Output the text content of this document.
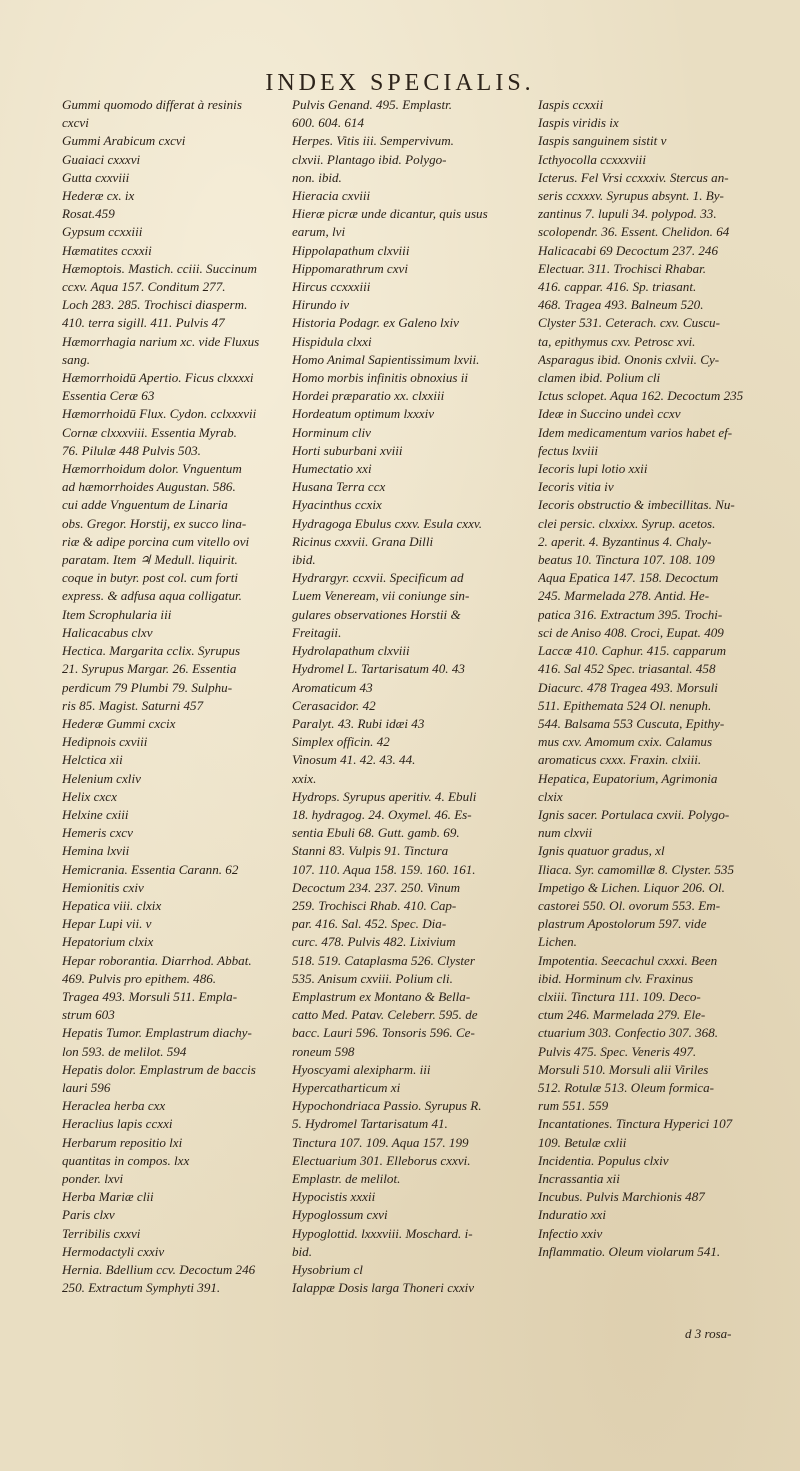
INDEX SPECIALIS.
Gummi quomodo differat à resinis
cxcvi
Gummi Arabicum cxcvi
Guaiaci cxxxvi
Gutta cxxviii
Hederæ cx. ix
Rosat.459
Gypsum ccxxiii
Hæmatites ccxxii
Hæmoptois. Mastich. cciii. Succinum
ccxv. Aqua 157. Conditum 277.
Loch 283. 285. Trochisci diasperm.
410. terra sigill. 411. Pulvis 47
Hæmorrhagia narium xc. vide Fluxus
sang.
Hæmorrhoidū Apertio. Ficus clxxxxi
Essentia Ceræ 63
Hæmorrhoidū Flux. Cydon. cclxxxvii
Cornæ clxxxviii. Essentia Myrab.
76. Pilulæ 448 Pulvis 503.
Hæmorrhoidum dolor. Vnguentum
ad hæmorrhoides Augustan. 586.
cui adde Vnguentum de Linaria
obs. Gregor. Horstij, ex succo lina-
riæ & adipe porcina cum vitello ovi
paratam. Item ♃ Medull. liquirit.
coque in butyr. post col. cum forti
express. & adfusa aqua colligatur.
Item Scrophularia iii
Halicacabus clxv
Hectica. Margarita cclix. Syrupus
21. Syrupus Margar. 26. Essentia
perdicum 79 Plumbi 79. Sulphu-
ris 85. Magist. Saturni 457
Hederæ Gummi cxcix
Hedipnois cxviii
Helctica xii
Helenium cxliv
Helix cxcx
Helxine cxiii
Hemeris cxcv
Hemina lxvii
Hemicrania. Essentia Carann. 62
Hemionitis cxiv
Hepatica viii. clxix
Hepar Lupi vii. v
Hepatorium clxix
Hepar roborantia. Diarrhod. Abbat.
469. Pulvis pro epithem. 486.
Tragea 493. Morsuli 511. Empla-
strum 603
Hepatis Tumor. Emplastrum diachy-
lon 593. de melilot. 594
Hepatis dolor. Emplastrum de baccis
lauri 596
Heraclea herba cxx
Heraclius lapis ccxxi
Herbarum repositio lxi
quantitas in compos. lxx
ponder. lxvi
Herba Mariæ clii
Paris clxv
Terribilis cxxvi
Hermodactyli cxxiv
Hernia. Bdellium ccv. Decoctum 246
250. Extractum Symphyti 391.
Pulvis Genand. 495. Emplastr.
600. 604. 614
Herpes. Vitis iii. Sempervivum.
clxvii. Plantago ibid. Polygo-
non. ibid.
Hieracia cxviii
Hieræ picræ unde dicantur, quis usus
earum, lvi
Hippolapathum clxviii
Hippomarathrum cxvi
Hircus ccxxxiii
Hirundo iv
Historia Podagr. ex Galeno lxiv
Hispidula clxxi
Homo Animal Sapientissimum lxvii.
Homo morbis infinitis obnoxius ii
Hordei præparatio xx. clxxiii
Hordeatum optimum lxxxiv
Horminum cliv
Horti suburbani xviii
Humectatio xxi
Husana Terra ccx
Hyacinthus ccxix
Hydragoga Ebulus cxxv. Esula cxxv.
Ricinus cxxvii. Grana Dilli
ibid.
Hydrargyr. ccxvii. Specificum ad
Luem Veneream, vii coniunge sin-
gulares observationes Horstii &
Freitagii.
Hydrolapathum clxviii
Hydromel L. Tartarisatum 40. 43
Aromaticum 43
Cerasacidor. 42
Paralyt. 43. Rubi idæi 43
Simplex officin. 42
Vinosum 41. 42. 43. 44.
xxix.
Hydrops. Syrupus aperitiv. 4. Ebuli
18. hydragog. 24. Oxymel. 46. Es-
sentia Ebuli 68. Gutt. gamb. 69.
Stanni 83. Vulpis 91. Tinctura
107. 110. Aqua 158. 159. 160. 161.
Decoctum 234. 237. 250. Vinum
259. Trochisci Rhab. 410. Cap-
par. 416. Sal. 452. Spec. Dia-
curc. 478. Pulvis 482. Lixivium
518. 519. Cataplasma 526. Clyster
535. Anisum cxviii. Polium cli.
Emplastrum ex Montano & Bella-
catto Med. Patav. Celeberr. 595. de
bacc. Lauri 596. Tonsoris 596. Ce-
roneum 598
Hyoscyami alexipharm. iii
Hypercatharticum xi
Hypochondriaca Passio. Syrupus R.
5. Hydromel Tartarisatum 41.
Tinctura 107. 109. Aqua 157. 199
Electuarium 301. Elleborus cxxvi.
Emplastr. de melilot.
Hypocistis xxxii
Hypoglossum cxvi
Hypoglottid. lxxxviii. Moschard. i-
bid.
Hysobrium cl
Ialappæ Dosis larga Thoneri cxxiv
Iaspis ccxxii
Iaspis viridis ix
Iaspis sanguinem sistit v
Icthyocolla ccxxxviii
Icterus. Fel Vrsi ccxxxiv. Stercus an-
seris ccxxxv. Syrupus absynt. 1. By-
zantinus 7. lupuli 34. polypod. 33.
scolopendr. 36. Essent. Chelidon. 64
Halicacabi 69 Decoctum 237. 246
Electuar. 311. Trochisci Rhabar.
416. cappar. 416. Sp. triasant.
468. Tragea 493. Balneum 520.
Clyster 531. Ceterach. cxv. Cuscu-
ta, epithymus cxv. Petrosc xvi.
Asparagus ibid. Ononis cxlvii. Cy-
clamen ibid. Polium cli
Ictus sclopet. Aqua 162. Decoctum 235
Ideæ in Succino undeì ccxv
Idem medicamentum varios habet ef-
fectus lxviii
Iecoris lupi lotio xxii
Iecoris vitia iv
Iecoris obstructio & imbecillitas. Nu-
clei persic. clxxixx. Syrup. acetos.
2. aperit. 4. Byzantinus 4. Chaly-
beatus 10. Tinctura 107. 108. 109
Aqua Epatica 147. 158. Decoctum
245. Marmelada 278. Antid. He-
patica 316. Extractum 395. Trochi-
sci de Aniso 408. Croci, Eupat. 409
Laccæ 410. Caphur. 415. capparum
416. Sal 452 Spec. triasantal. 458
Diacurc. 478 Tragea 493. Morsuli
511. Epithemata 524 Ol. nenuph.
544. Balsama 553 Cuscuta, Epithy-
mus cxv. Amomum cxix. Calamus
aromaticus cxxx. Fraxin. clxiii.
Hepatica, Eupatorium, Agrimonia
clxix
Ignis sacer. Portulaca cxvii. Polygo-
num clxvii
Ignis quatuor gradus, xl
Iliaca. Syr. camomillæ 8. Clyster. 535
Impetigo & Lichen. Liquor 206. Ol.
castorei 550. Ol. ovorum 553. Em-
plastrum Apostolorum 597. vide
Lichen.
Impotentia. Seecachul cxxxi. Been
ibid. Horminum clv. Fraxinus
clxiii. Tinctura 111. 109. Deco-
ctum 246. Marmelada 279. Ele-
ctuarium 303. Confectio 307. 368.
Pulvis 475. Spec. Veneris 497.
Morsuli 510. Morsuli alii Viriles
512. Rotulæ 513. Oleum formica-
rum 551. 559
Incantationes. Tinctura Hyperici 107
109. Betulæ cxlii
Incidentia. Populus clxiv
Incrassantia xii
Incubus. Pulvis Marchionis 487
Induratio xxi
Infectio xxiv
Inflammatio. Oleum violarum 541.
d 3 rosa-
